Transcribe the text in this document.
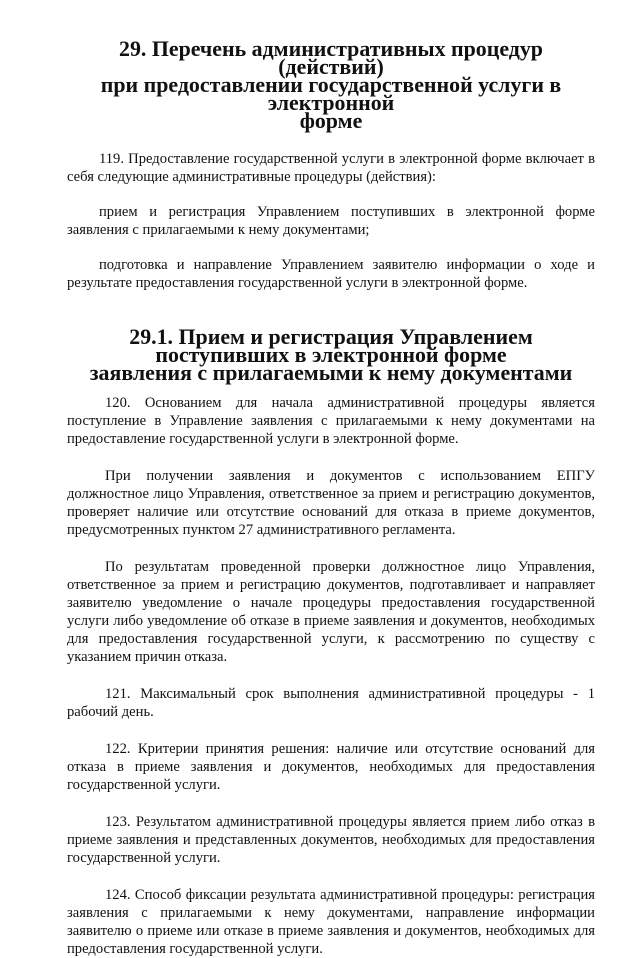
29. Перечень административных процедур (действий)
при предоставлении государственной услуги в электронной
форме

119. Предоставление государственной услуги в электронной форме включает в себя следующие административные процедуры (действия):

прием и регистрация Управлением поступивших в электронной форме заявления с прилагаемыми к нему документами;

подготовка и направление Управлением заявителю информации о ходе и результате предоставления государственной услуги в электронной форме.

29.1. Прием и регистрация Управлением поступивших в электронной форме
заявления с прилагаемыми к нему документами

120. Основанием для начала административной процедуры является поступление в Управление заявления с прилагаемыми к нему документами на предоставление государственной услуги в электронной форме.

При получении заявления и документов с использованием ЕПГУ должностное лицо Управления, ответственное за прием и регистрацию документов, проверяет наличие или отсутствие оснований для отказа в приеме документов, предусмотренных пунктом 27 административного регламента.

По результатам проведенной проверки должностное лицо Управления, ответственное за прием и регистрацию документов, подготавливает и направляет заявителю уведомление о начале процедуры предоставления государственной услуги либо уведомление об отказе в приеме заявления и документов, необходимых для предоставления государственной услуги, к рассмотрению по существу с указанием причин отказа.

121. Максимальный срок выполнения административной процедуры - 1 рабочий день.

122. Критерии принятия решения: наличие или отсутствие оснований для отказа в приеме заявления и документов, необходимых для предоставления государственной услуги.

123. Результатом административной процедуры является прием либо отказ в приеме заявления и представленных документов, необходимых для предоставления государственной услуги.

124. Способ фиксации результата административной процедуры: регистрация заявления с прилагаемыми к нему документами, направление информации заявителю о приеме или отказе в приеме заявления и документов, необходимых для предоставления государственной услуги.
